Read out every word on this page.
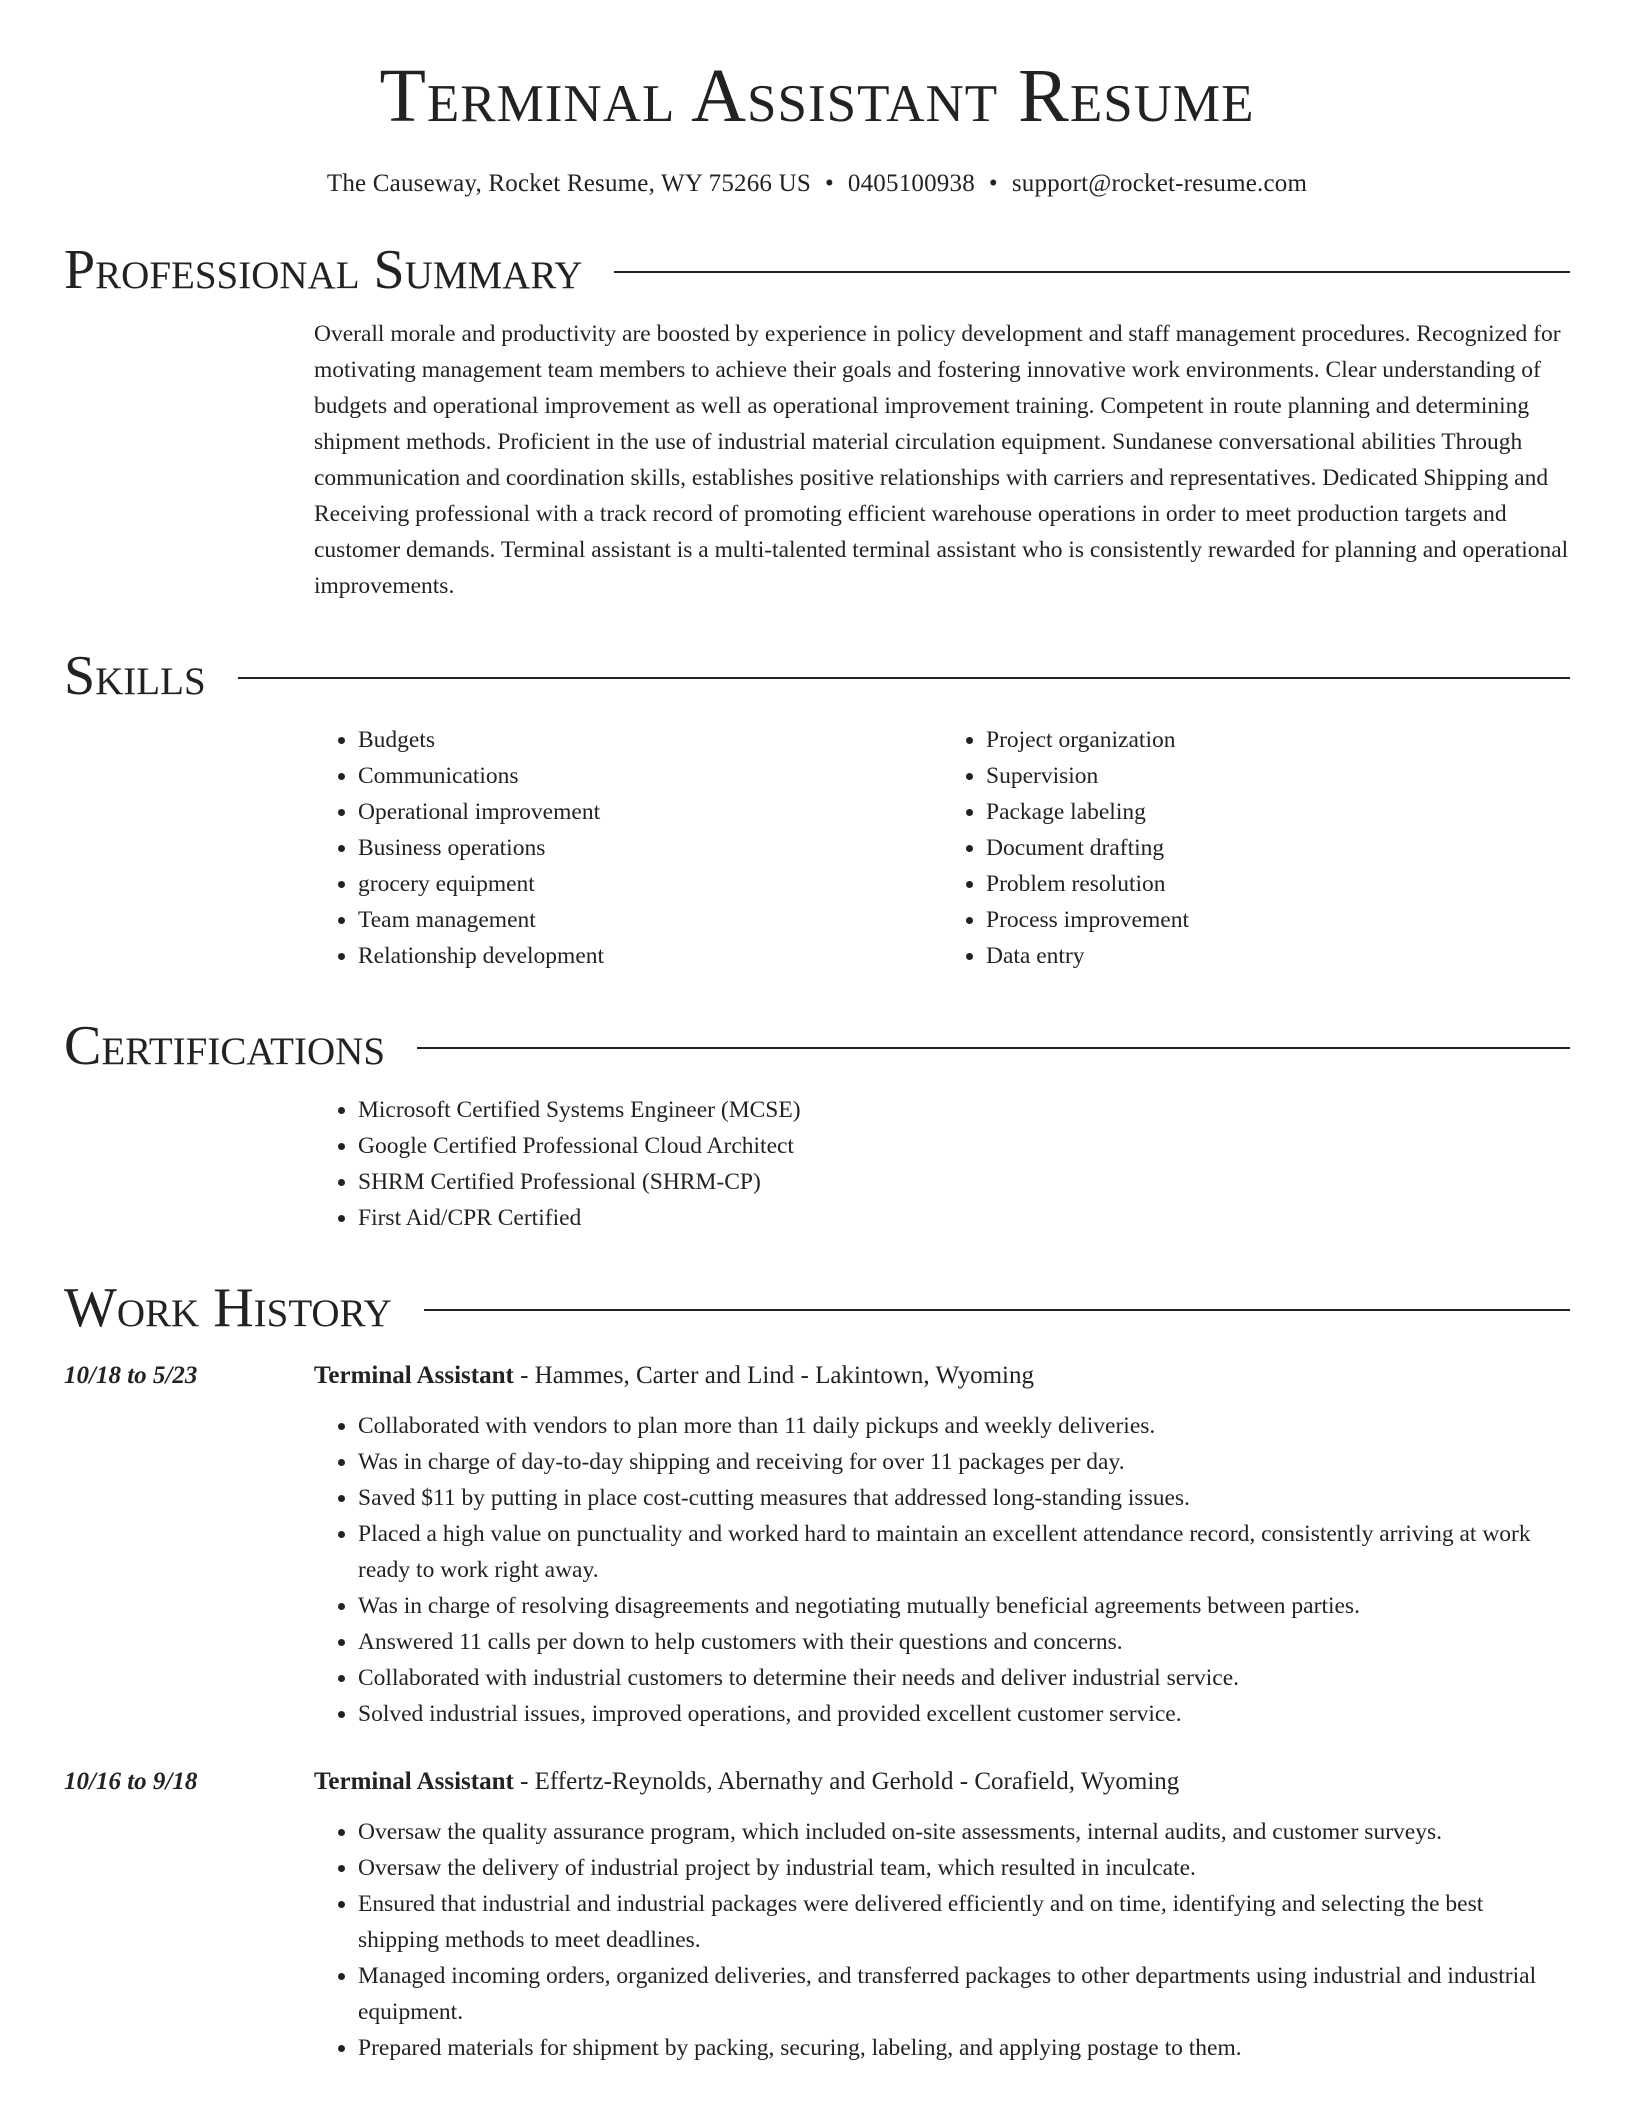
Terminal Assistant Resume
The Causeway, Rocket Resume, WY 75266 US • 0405100938 • support@rocket-resume.com
Professional Summary
Overall morale and productivity are boosted by experience in policy development and staff management procedures. Recognized for motivating management team members to achieve their goals and fostering innovative work environments. Clear understanding of budgets and operational improvement as well as operational improvement training. Competent in route planning and determining shipment methods. Proficient in the use of industrial material circulation equipment. Sundanese conversational abilities Through communication and coordination skills, establishes positive relationships with carriers and representatives. Dedicated Shipping and Receiving professional with a track record of promoting efficient warehouse operations in order to meet production targets and customer demands. Terminal assistant is a multi-talented terminal assistant who is consistently rewarded for planning and operational improvements.
Skills
• Budgets
• Communications
• Operational improvement
• Business operations
• grocery equipment
• Team management
• Relationship development
• Project organization
• Supervision
• Package labeling
• Document drafting
• Problem resolution
• Process improvement
• Data entry
Certifications
• Microsoft Certified Systems Engineer (MCSE)
• Google Certified Professional Cloud Architect
• SHRM Certified Professional (SHRM-CP)
• First Aid/CPR Certified
Work History
10/18 to 5/23	Terminal Assistant - Hammes, Carter and Lind - Lakintown, Wyoming
• Collaborated with vendors to plan more than 11 daily pickups and weekly deliveries.
• Was in charge of day-to-day shipping and receiving for over 11 packages per day.
• Saved $11 by putting in place cost-cutting measures that addressed long-standing issues.
• Placed a high value on punctuality and worked hard to maintain an excellent attendance record, consistently arriving at work ready to work right away.
• Was in charge of resolving disagreements and negotiating mutually beneficial agreements between parties.
• Answered 11 calls per down to help customers with their questions and concerns.
• Collaborated with industrial customers to determine their needs and deliver industrial service.
• Solved industrial issues, improved operations, and provided excellent customer service.
10/16 to 9/18	Terminal Assistant - Effertz-Reynolds, Abernathy and Gerhold - Corafield, Wyoming
• Oversaw the quality assurance program, which included on-site assessments, internal audits, and customer surveys.
• Oversaw the delivery of industrial project by industrial team, which resulted in inculcate.
• Ensured that industrial and industrial packages were delivered efficiently and on time, identifying and selecting the best shipping methods to meet deadlines.
• Managed incoming orders, organized deliveries, and transferred packages to other departments using industrial and industrial equipment.
• Prepared materials for shipment by packing, securing, labeling, and applying postage to them.
